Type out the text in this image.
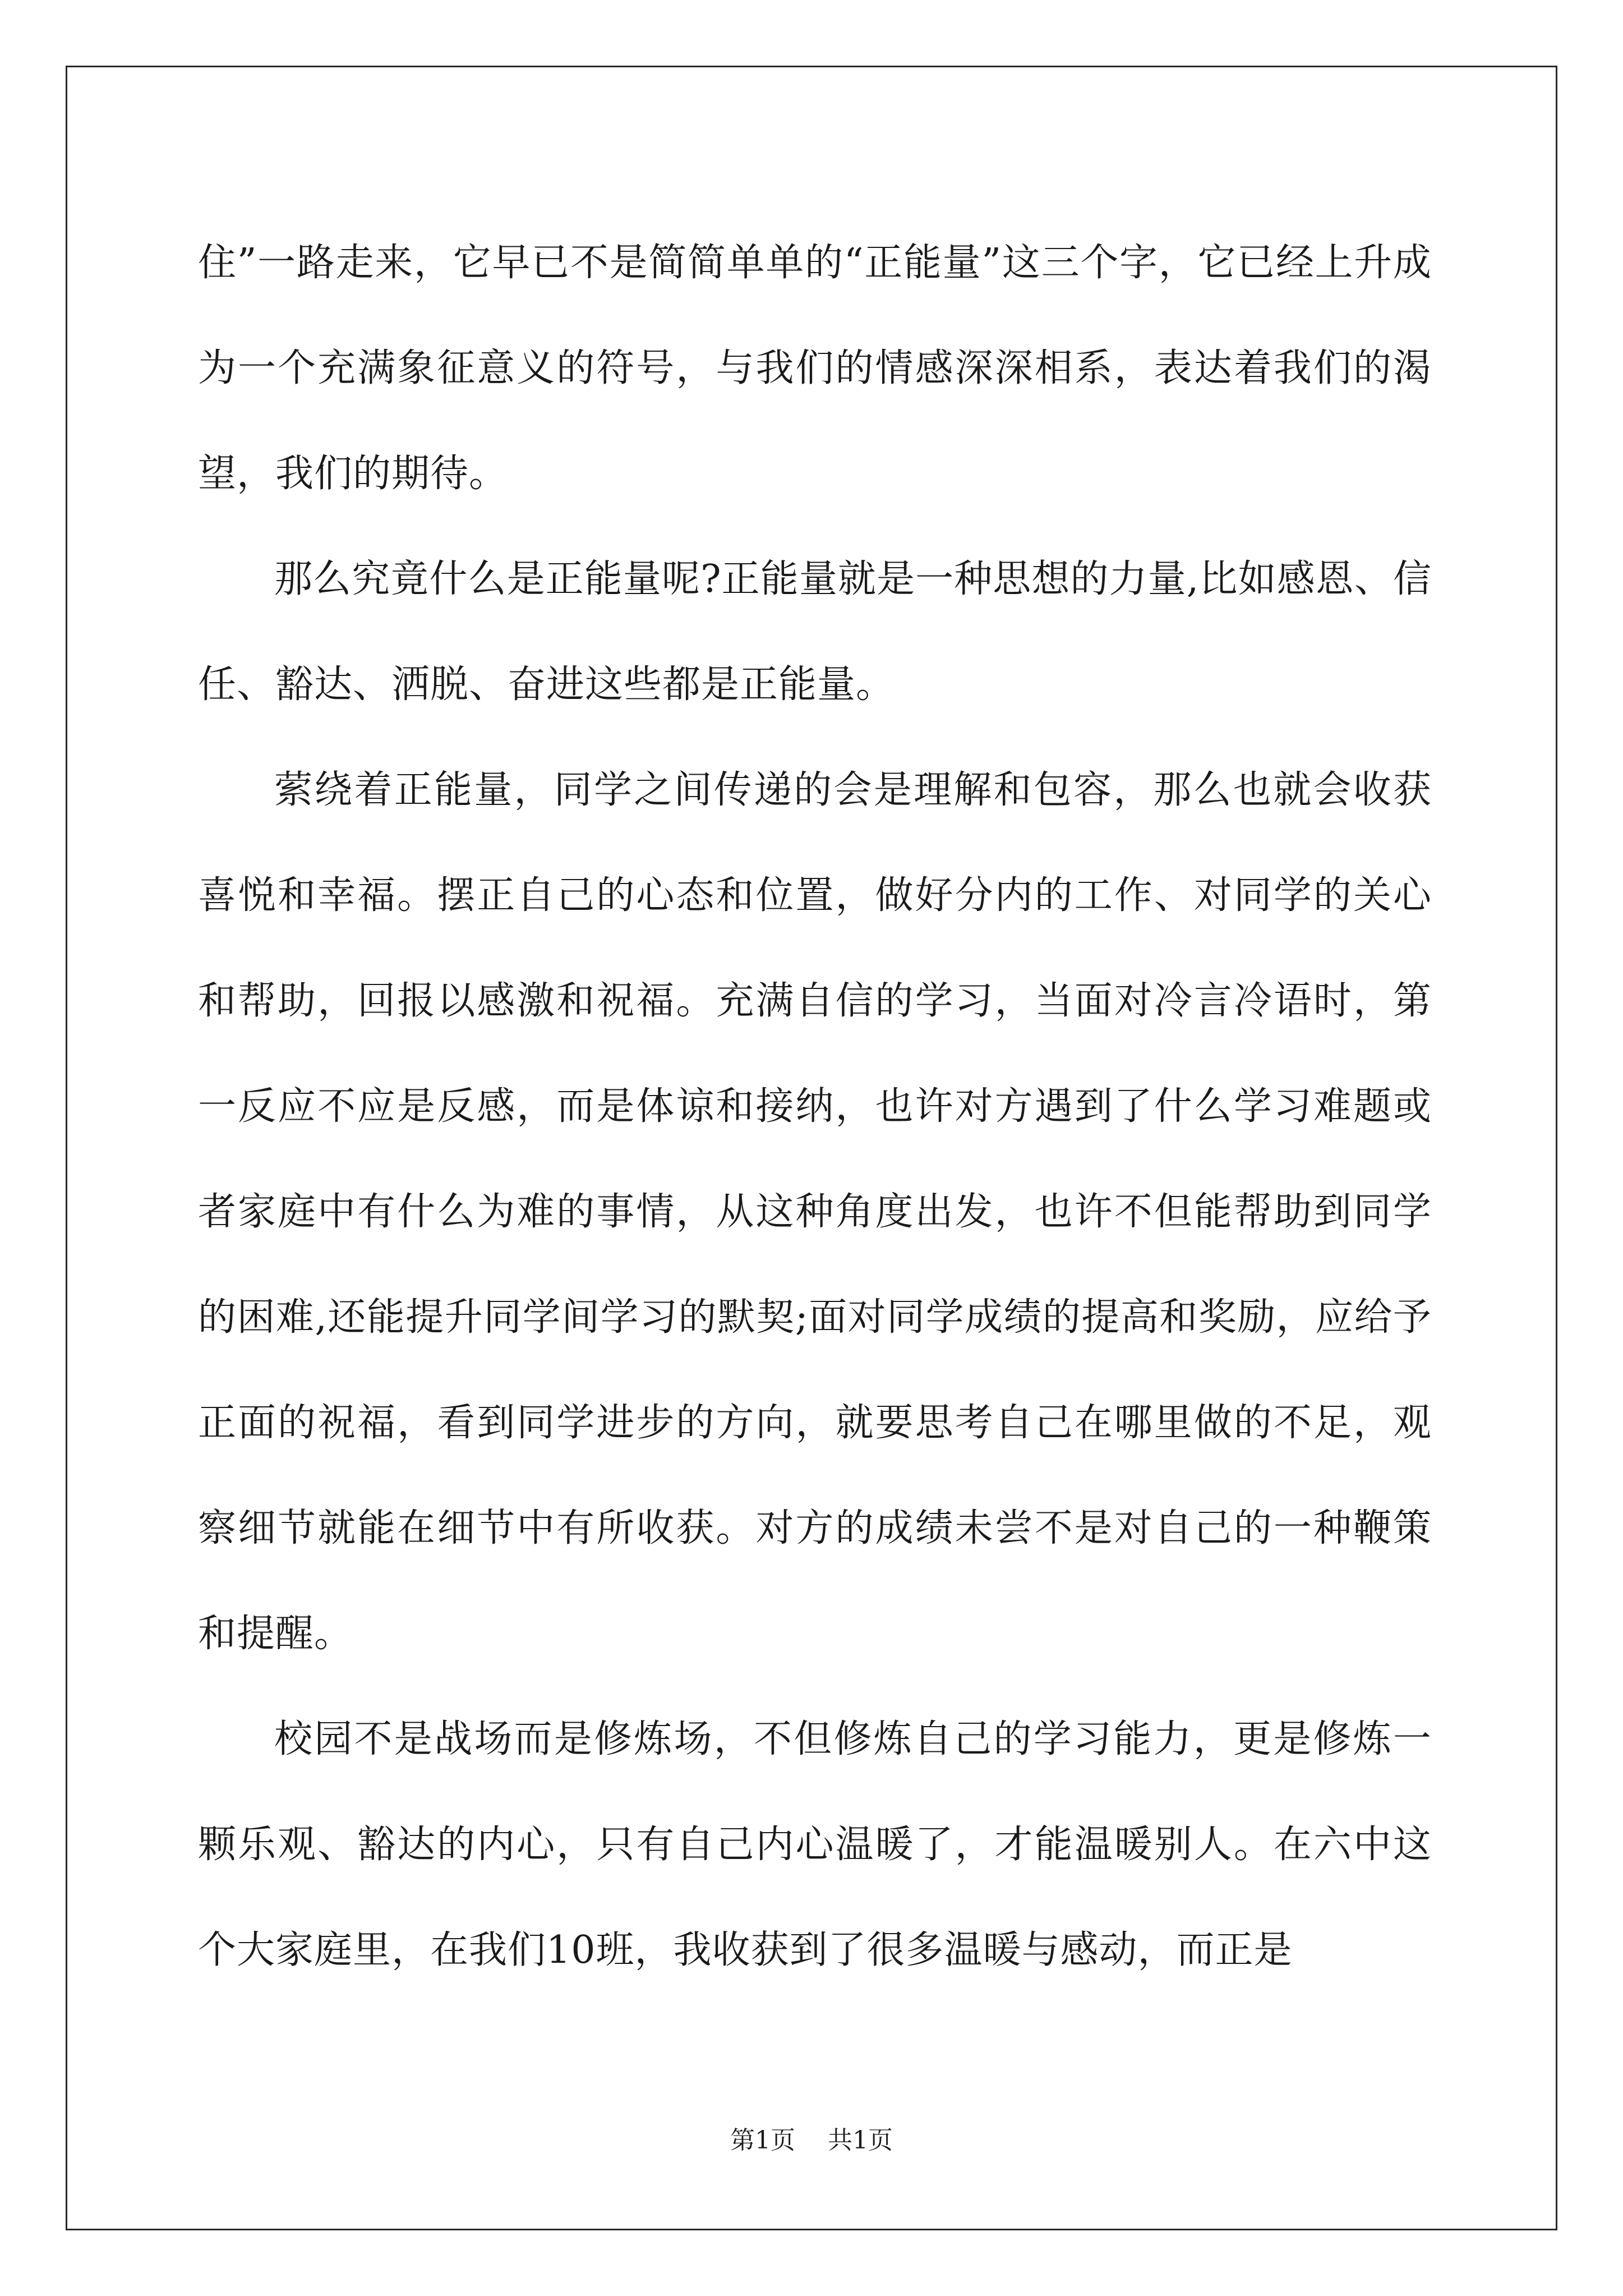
住”一路走来，它早已不是简简单单的“正能量”这三个字，它已经上升成为一个充满象征意义的符号，与我们的情感深深相系，表达着我们的渴望，我们的期待。

那么究竟什么是正能量呢?正能量就是一种思想的力量,比如感恩、信任、豁达、洒脱、奋进这些都是正能量。

萦绕着正能量，同学之间传递的会是理解和包容，那么也就会收获喜悦和幸福。摆正自己的心态和位置，做好分内的工作、对同学的关心和帮助，回报以感激和祝福。充满自信的学习，当面对冷言冷语时，第一反应不应是反感，而是体谅和接纳，也许对方遇到了什么学习难题或者家庭中有什么为难的事情，从这种角度出发，也许不但能帮助到同学的困难,还能提升同学间学习的默契;面对同学成绩的提高和奖励，应给予正面的祝福，看到同学进步的方向，就要思考自己在哪里做的不足，观察细节就能在细节中有所收获。对方的成绩未尝不是对自己的一种鞭策和提醒。

校园不是战场而是修炼场，不但修炼自己的学习能力，更是修炼一颗乐观、豁达的内心，只有自己内心温暖了，才能温暖别人。在六中这个大家庭里，在我们10班，我收获到了很多温暖与感动，而正是

第1页 共1页
